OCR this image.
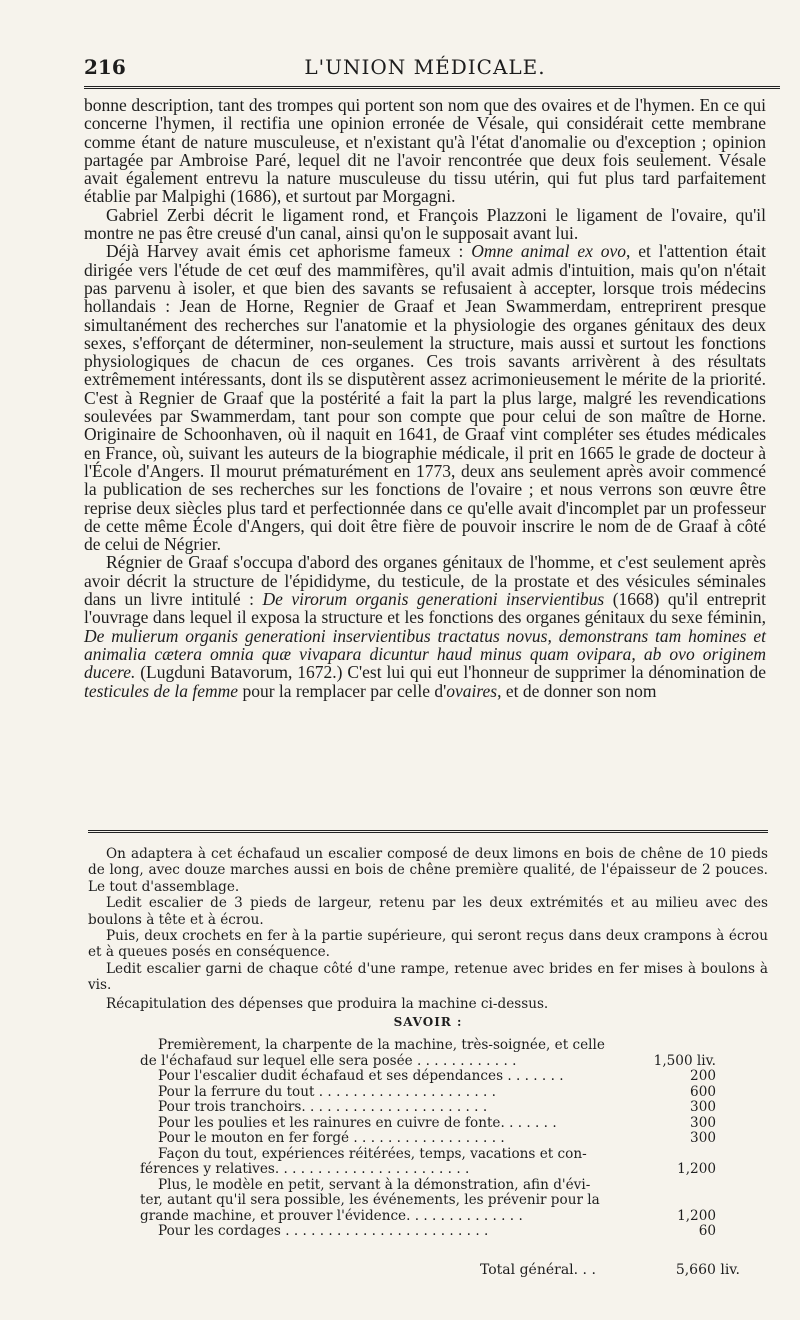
216	L'UNION MÉDICALE.

bonne description, tant des trompes qui portent son nom que des ovaires et de l'hymen. En ce qui concerne l'hymen, il rectifia une opinion erronée de Vésale, qui considérait cette membrane comme étant de nature musculeuse, et n'existant qu'à l'état d'anomalie ou d'exception ; opinion partagée par Ambroise Paré, lequel dit ne l'avoir rencontrée que deux fois seulement. Vésale avait également entrevu la nature musculeuse du tissu utérin, qui fut plus tard parfaitement établie par Malpighi (1686), et surtout par Morgagni.

Gabriel Zerbi décrit le ligament rond, et François Plazzoni le ligament de l'ovaire, qu'il montre ne pas être creusé d'un canal, ainsi qu'on le supposait avant lui.

Déjà Harvey avait émis cet aphorisme fameux : Omne animal ex ovo, et l'attention était dirigée vers l'étude de cet œuf des mammifères, qu'il avait admis d'intuition, mais qu'on n'était pas parvenu à isoler, et que bien des savants se refusaient à accepter, lorsque trois médecins hollandais : Jean de Horne, Regnier de Graaf et Jean Swammerdam, entreprirent presque simultanément des recherches sur l'anatomie et la physiologie des organes génitaux des deux sexes, s'efforçant de déterminer, non-seulement la structure, mais aussi et surtout les fonctions physiologiques de chacun de ces organes. Ces trois savants arrivèrent à des résultats extrêmement intéressants, dont ils se disputèrent assez acrimonieusement le mérite de la priorité. C'est à Regnier de Graaf que la postérité a fait la part la plus large, malgré les revendications soulevées par Swammerdam, tant pour son compte que pour celui de son maître de Horne. Originaire de Schoonhaven, où il naquit en 1641, de Graaf vint compléter ses études médicales en France, où, suivant les auteurs de la biographie médicale, il prit en 1665 le grade de docteur à l'École d'Angers. Il mourut prématurément en 1773, deux ans seulement après avoir commencé la publication de ses recherches sur les fonctions de l'ovaire ; et nous verrons son œuvre être reprise deux siècles plus tard et perfectionnée dans ce qu'elle avait d'incomplet par un professeur de cette même École d'Angers, qui doit être fière de pouvoir inscrire le nom de de Graaf à côté de celui de Négrier.

Régnier de Graaf s'occupa d'abord des organes génitaux de l'homme, et c'est seulement après avoir décrit la structure de l'épididyme, du testicule, de la prostate et des vésicules séminales dans un livre intitulé : De virorum organis generationi inservientibus (1668) qu'il entreprit l'ouvrage dans lequel il exposa la structure et les fonctions des organes génitaux du sexe féminin, De mulierum organis generationi inservientibus tractatus novus, demonstrans tam homines et animalia cætera omnia quæ vivapara dicuntur haud minus quam ovipara, ab ovo originem ducere. (Lugduni Batavorum, 1672.) C'est lui qui eut l'honneur de supprimer la dénomination de testicules de la femme pour la remplacer par celle d'ovaires, et de donner son nom

On adaptera à cet échafaud un escalier composé de deux limons en bois de chêne de 10 pieds de long, avec douze marches aussi en bois de chêne première qualité, de l'épaisseur de 2 pouces. Le tout d'assemblage.

Ledit escalier de 3 pieds de largeur, retenu par les deux extrémités et au milieu avec des boulons à tête et à écrou.

Puis, deux crochets en fer à la partie supérieure, qui seront reçus dans deux crampons à écrou et à queues posés en conséquence.

Ledit escalier garni de chaque côté d'une rampe, retenue avec brides en fer mises à boulons à vis.

Récapitulation des dépenses que produira la machine ci-dessus.

SAVOIR :
Premièrement, la charpente de la machine, très-soignée, et celle
de l'échafaud sur lequel elle sera posée . . . . . . . . . . . .	1,500 liv.
Pour l'escalier dudit échafaud et ses dépendances . . . . . . .	200
Pour la ferrure du tout . . . . . . . . . . . . . . . . . . . . .	600
Pour trois tranchoirs. . . . . . . . . . . . . . . . . . . . . .	300
Pour les poulies et les rainures en cuivre de fonte. . . . . . .	300
Pour le mouton en fer forgé . . . . . . . . . . . . . . . . . .	300
Façon du tout, expériences réitérées, temps, vacations et con-
férences y relatives. . . . . . . . . . . . . . . . . . . . . . .	1,200
Plus, le modèle en petit, servant à la démonstration, afin d'évi-
ter, autant qu'il sera possible, les événements, les prévenir pour la grande machine, et prouver l'évidence. . . . . . . . . . . . . .	1,200
Pour les cordages . . . . . . . . . . . . . . . . . . . . . . . .	60
Total général. . .	5,660 liv.
